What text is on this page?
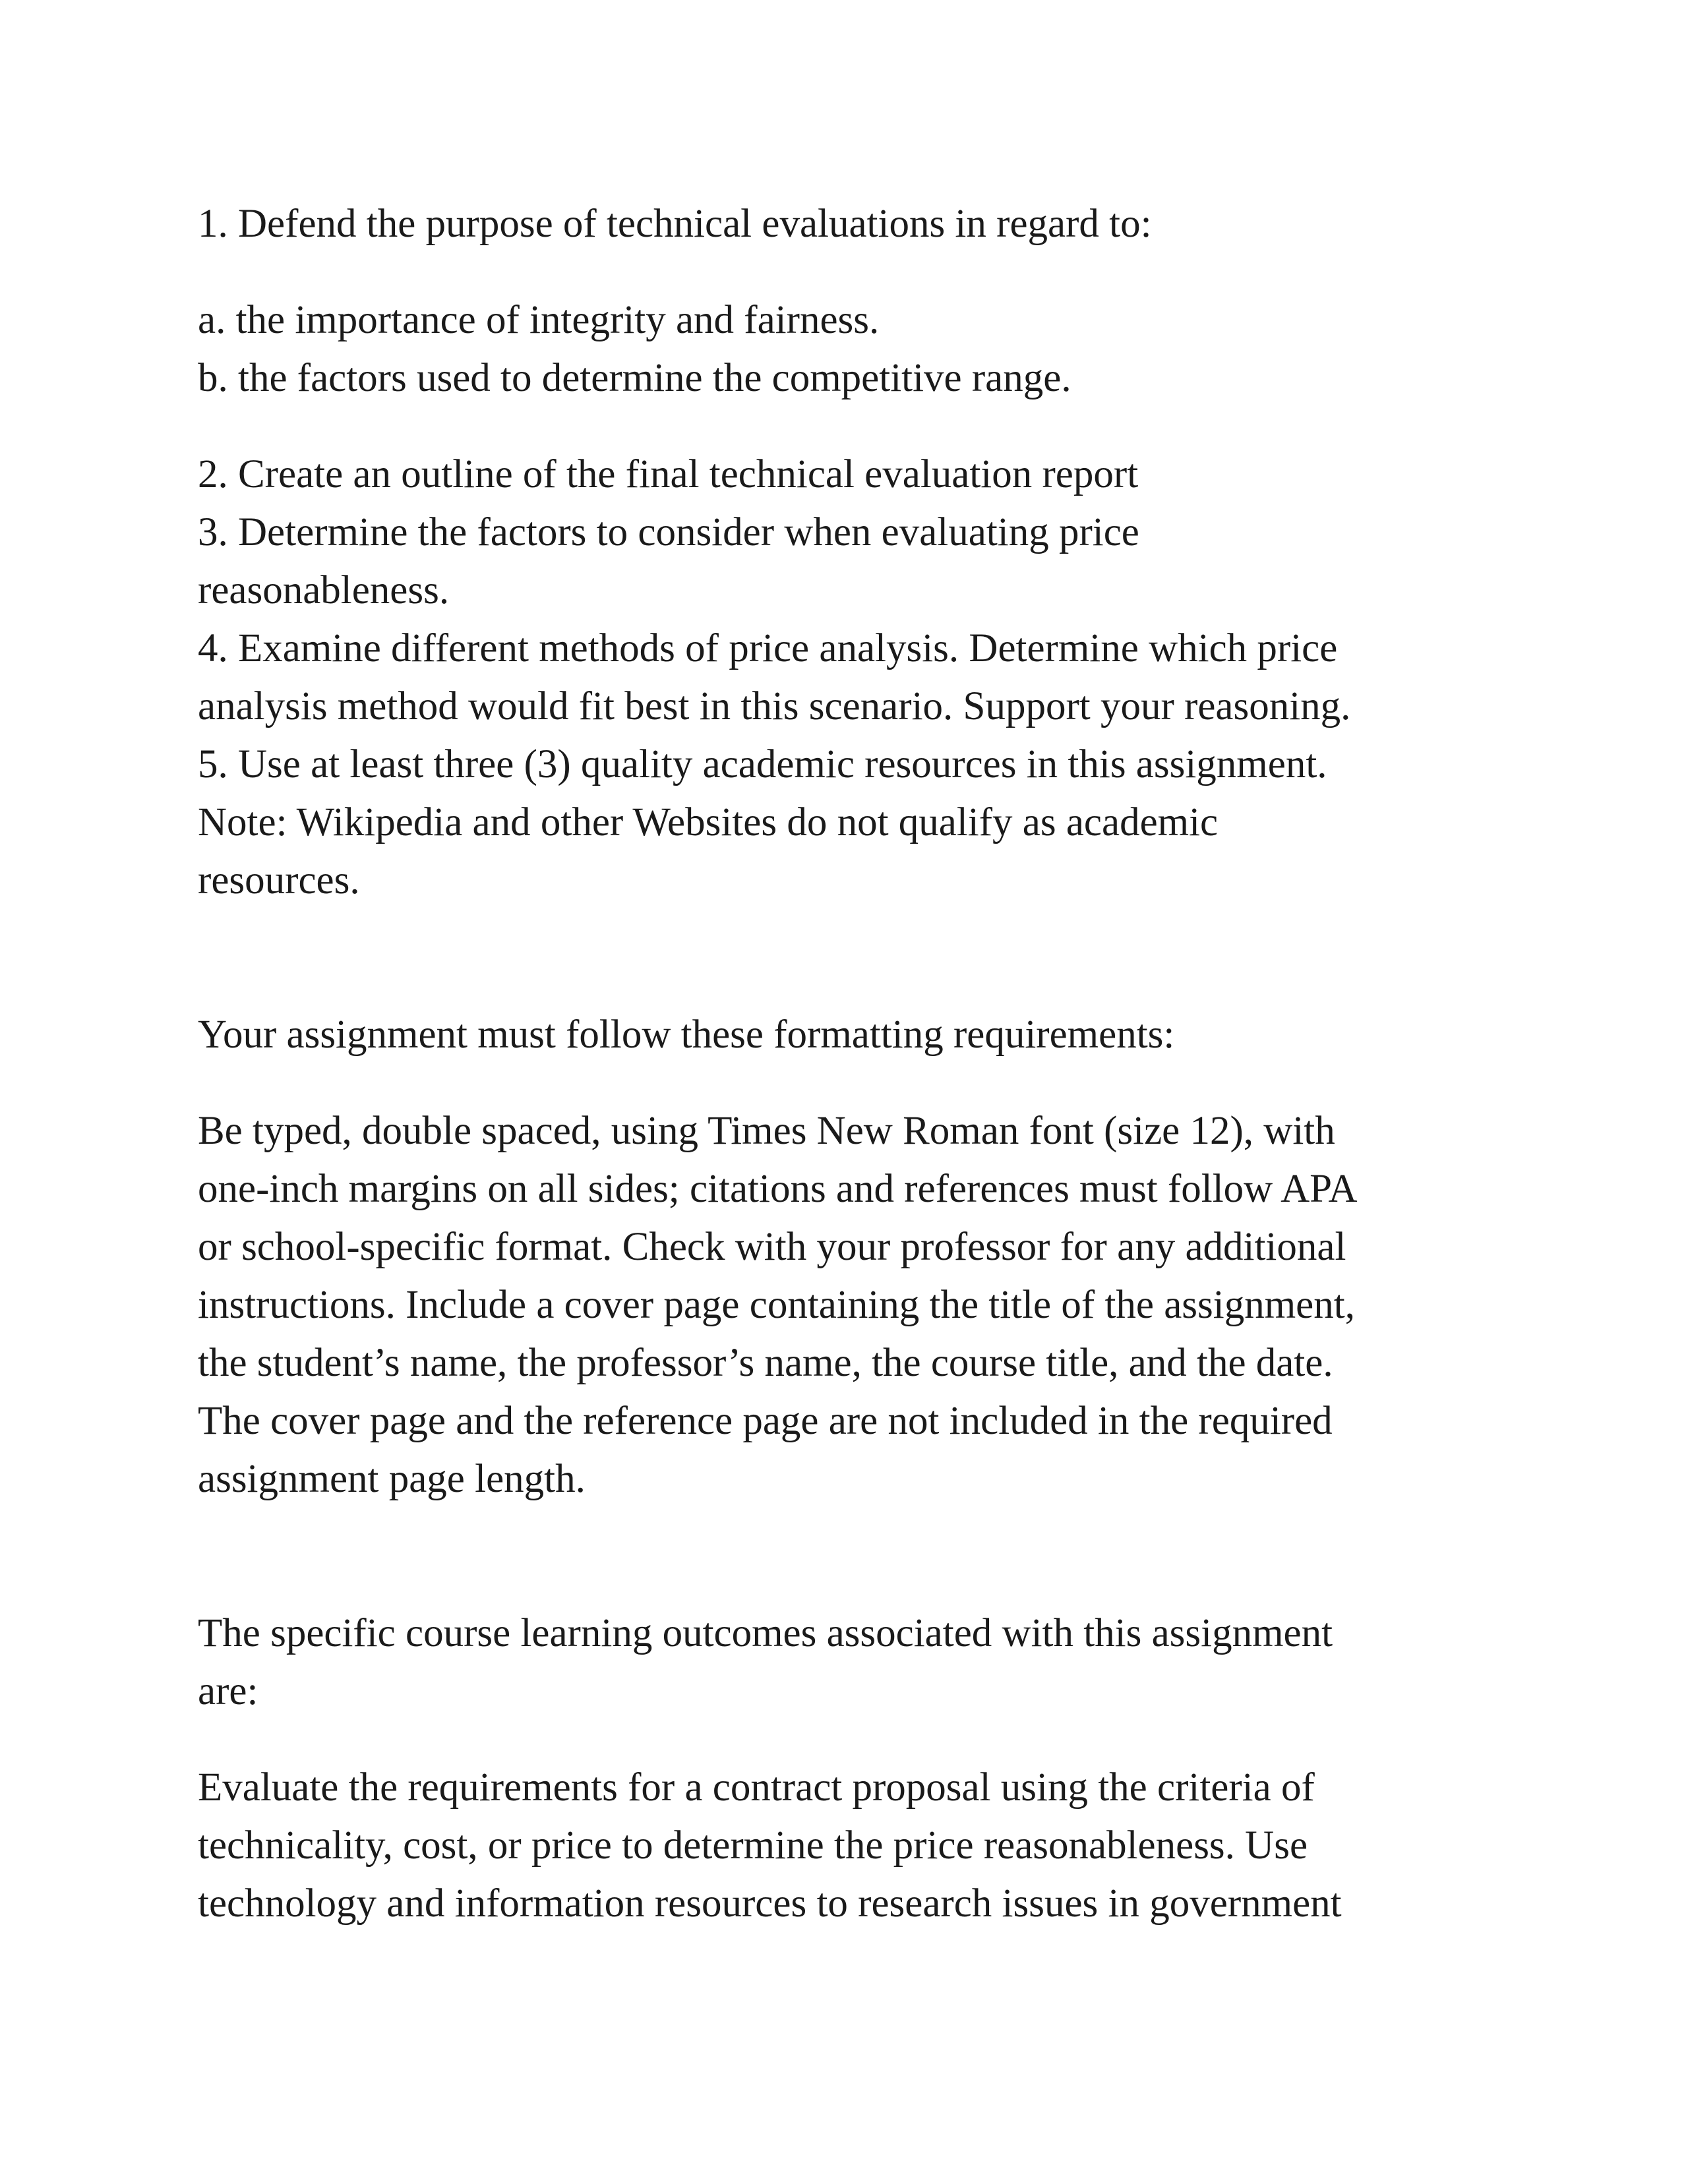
1. Defend the purpose of technical evaluations in regard to:

a. the importance of integrity and fairness.

b. the factors used to determine the competitive range.

2. Create an outline of the final technical evaluation report

3. Determine the factors to consider when evaluating price

reasonableness.

4. Examine different methods of price analysis. Determine which price

analysis method would fit best in this scenario. Support your reasoning.

5. Use at least three (3) quality academic resources in this assignment.

Note: Wikipedia and other Websites do not qualify as academic

resources.

Your assignment must follow these formatting requirements:

Be typed, double spaced, using Times New Roman font (size 12), with

one-inch margins on all sides; citations and references must follow APA

or school-specific format. Check with your professor for any additional

instructions. Include a cover page containing the title of the assignment,

the student’s name, the professor’s name, the course title, and the date.

The cover page and the reference page are not included in the required

assignment page length.

The specific course learning outcomes associated with this assignment

are:

Evaluate the requirements for a contract proposal using the criteria of

technicality, cost, or price to determine the price reasonableness. Use

technology and information resources to research issues in government
